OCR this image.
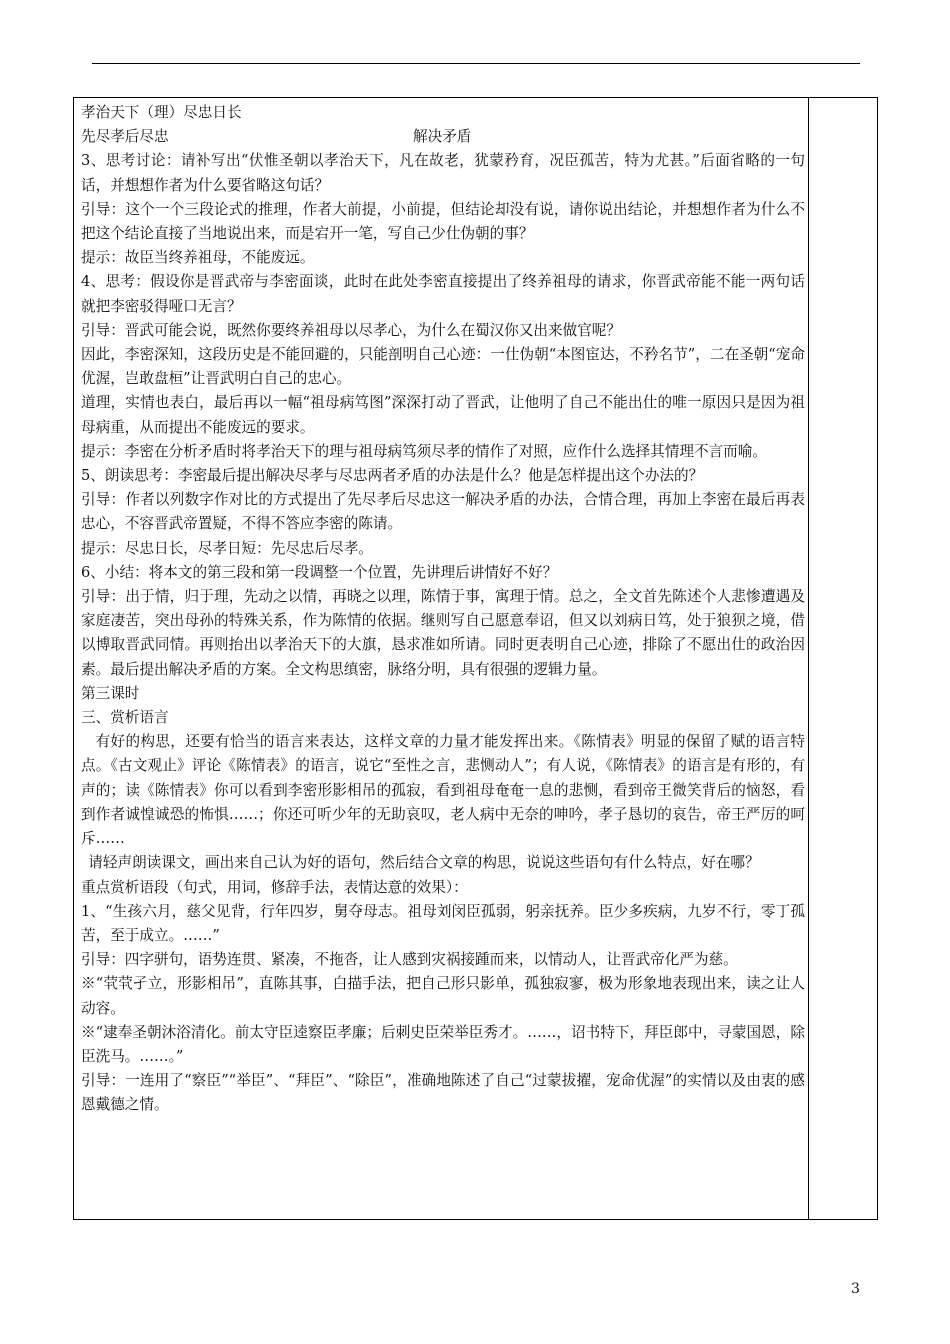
孝治天下（理）尽忠日长

先尽孝后尽忠	解决矛盾

3、思考讨论：请补写出“伏惟圣朝以孝治天下，凡在故老，犹蒙矜育，况臣孤苦，特为尤甚。”后面省略的一句话，并想想作者为什么要省略这句话？

引导：这个一个三段论式的推理，作者大前提，小前提，但结论却没有说，请你说出结论，并想想作者为什么不把这个结论直接了当地说出来，而是宕开一笔，写自己少仕伪朝的事？

提示：故臣当终养祖母，不能废远。

4、思考：假设你是晋武帝与李密面谈，此时在此处李密直接提出了终养祖母的请求，你晋武帝能不能一两句话就把李密驳得哑口无言？

引导：晋武可能会说，既然你要终养祖母以尽孝心，为什么在蜀汉你又出来做官呢？

因此，李密深知，这段历史是不能回避的，只能剖明自己心迹：一仕伪朝“本图宦达，不矜名节”，二在圣朝“宠命优渥，岂敢盘桓”让晋武明白自己的忠心。

道理，实情也表白，最后再以一幅“祖母病笃图”深深打动了晋武，让他明了自己不能出仕的唯一原因只是因为祖母病重，从而提出不能废远的要求。

提示：李密在分析矛盾时将孝治天下的理与祖母病笃须尽孝的情作了对照，应作什么选择其情理不言而喻。

5、朗读思考：李密最后提出解决尽孝与尽忠两者矛盾的办法是什么？他是怎样提出这个办法的？

引导：作者以列数字作对比的方式提出了先尽孝后尽忠这一解决矛盾的办法，合情合理，再加上李密在最后再表忠心，不容晋武帝置疑，不得不答应李密的陈请。

提示：尽忠日长，尽孝日短：先尽忠后尽孝。

6、小结：将本文的第三段和第一段调整一个位置，先讲理后讲情好不好？

引导：出于情，归于理，先动之以情，再晓之以理，陈情于事，寓理于情。总之，全文首先陈述个人悲惨遭遇及家庭凄苦，突出母孙的特殊关系，作为陈情的依据。继则写自己愿意奉诏，但又以刘病日笃，处于狼狈之境，借以博取晋武同情。再则抬出以孝治天下的大旗，恳求准如所请。同时更表明自己心迹，排除了不愿出仕的政治因素。最后提出解决矛盾的方案。全文构思缜密，脉络分明，具有很强的逻辑力量。

第三课时

三、赏析语言

有好的构思，还要有恰当的语言来表达，这样文章的力量才能发挥出来。《陈情表》明显的保留了赋的语言特点。《古文观止》评论《陈情表》的语言，说它“至性之言，悲恻动人”；有人说，《陈情表》的语言是有形的，有声的；读《陈情表》你可以看到李密形影相吊的孤寂，看到祖母奄奄一息的悲恻，看到帝王微笑背后的恼怒，看到作者诚惶诚恐的怖惧……；你还可听少年的无助哀叹，老人病中无奈的呻吟，孝子恳切的哀告，帝王严厉的呵斥……

请轻声朗读课文，画出来自己认为好的语句，然后结合文章的构思，说说这些语句有什么特点，好在哪？

重点赏析语段（句式，用词，修辞手法，表情达意的效果）：

1、“生孩六月，慈父见背，行年四岁，舅夺母志。祖母刘闵臣孤弱，躬亲抚养。臣少多疾病，九岁不行，零丁孤苦，至于成立。……”

引导：四字骈句，语势连贯、紧凑，不拖沓，让人感到灾祸接踵而来，以情动人，让晋武帝化严为慈。

※“茕茕孑立，形影相吊”，直陈其事，白描手法，把自己形只影单，孤独寂寥，极为形象地表现出来，读之让人动容。

※“逮奉圣朝沐浴清化。前太守臣逵察臣孝廉；后刺史臣荣举臣秀才。……，诏书特下，拜臣郎中，寻蒙国恩，除臣洗马。……。”

引导：一连用了“察臣”“举臣”、“拜臣”、“除臣”，准确地陈述了自己“过蒙拔擢，宠命优渥”的实情以及由衷的感恩戴德之情。

3
